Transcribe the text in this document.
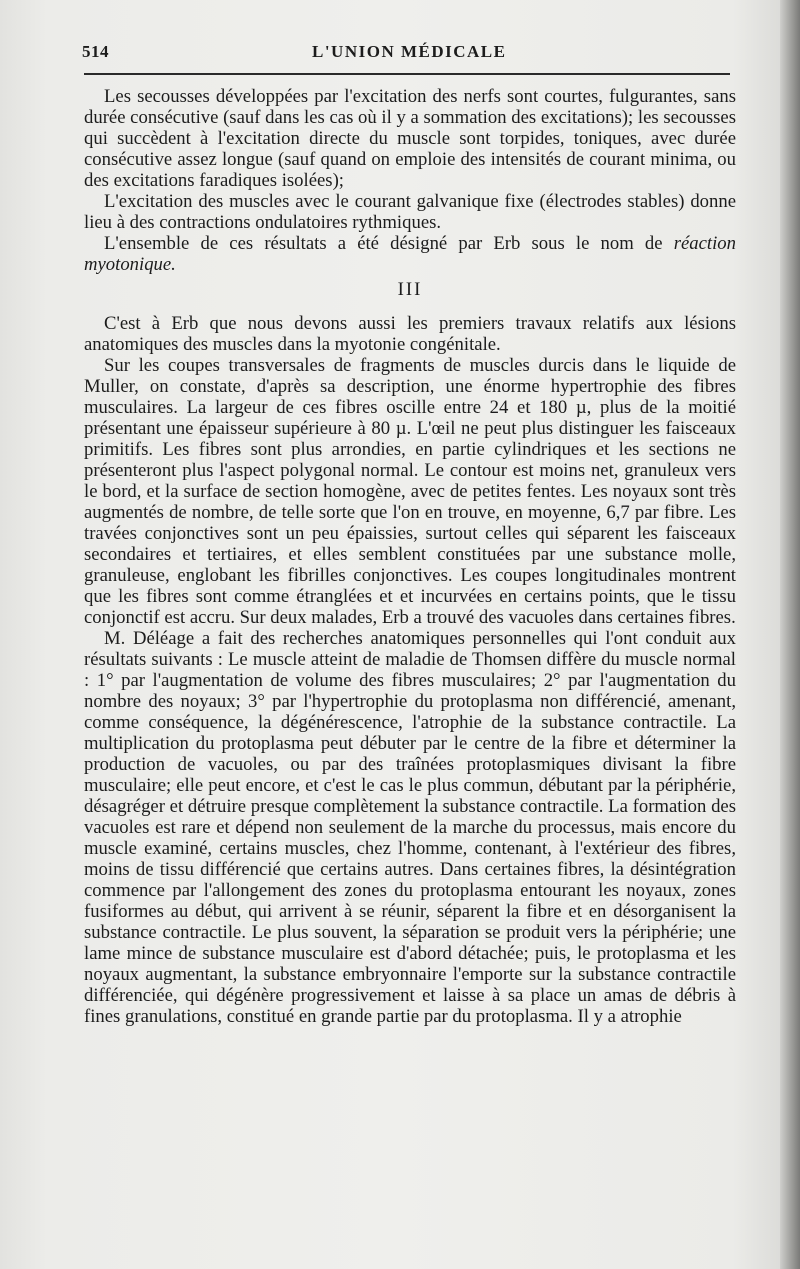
514	L'UNION MÉDICALE

Les secousses développées par l'excitation des nerfs sont courtes, fulgurantes, sans durée consécutive (sauf dans les cas où il y a sommation des excitations); les secousses qui succèdent à l'excitation directe du muscle sont torpides, toniques, avec durée consécutive assez longue (sauf quand on emploie des intensités de courant minima, ou des excitations faradiques isolées);

L'excitation des muscles avec le courant galvanique fixe (électrodes stables) donne lieu à des contractions ondulatoires rythmiques.

L'ensemble de ces résultats a été désigné par Erb sous le nom de réaction myotonique.

III

C'est à Erb que nous devons aussi les premiers travaux relatifs aux lésions anatomiques des muscles dans la myotonie congénitale.

Sur les coupes transversales de fragments de muscles durcis dans le liquide de Muller, on constate, d'après sa description, une énorme hypertrophie des fibres musculaires. La largeur de ces fibres oscille entre 24 et 180 µ, plus de la moitié présentant une épaisseur supérieure à 80 µ. L'œil ne peut plus distinguer les faisceaux primitifs. Les fibres sont plus arrondies, en partie cylindriques et les sections ne présenteront plus l'aspect polygonal normal. Le contour est moins net, granuleux vers le bord, et la surface de section homogène, avec de petites fentes. Les noyaux sont très augmentés de nombre, de telle sorte que l'on en trouve, en moyenne, 6,7 par fibre. Les travées conjonctives sont un peu épaissies, surtout celles qui séparent les faisceaux secondaires et tertiaires, et elles semblent constituées par une substance molle, granuleuse, englobant les fibrilles conjonctives. Les coupes longitudinales montrent que les fibres sont comme étranglées et et incurvées en certains points, que le tissu conjonctif est accru. Sur deux malades, Erb a trouvé des vacuoles dans certaines fibres.

M. Déléage a fait des recherches anatomiques personnelles qui l'ont conduit aux résultats suivants : Le muscle atteint de maladie de Thomsen diffère du muscle normal : 1° par l'augmentation de volume des fibres musculaires; 2° par l'augmentation du nombre des noyaux; 3° par l'hypertrophie du protoplasma non différencié, amenant, comme conséquence, la dégénérescence, l'atrophie de la substance contractile. La multiplication du protoplasma peut débuter par le centre de la fibre et déterminer la production de vacuoles, ou par des traînées protoplasmiques divisant la fibre musculaire; elle peut encore, et c'est le cas le plus commun, débutant par la périphérie, désagréger et détruire presque complètement la substance contractile. La formation des vacuoles est rare et dépend non seulement de la marche du processus, mais encore du muscle examiné, certains muscles, chez l'homme, contenant, à l'extérieur des fibres, moins de tissu différencié que certains autres. Dans certaines fibres, la désintégration commence par l'allongement des zones du protoplasma entourant les noyaux, zones fusiformes au début, qui arrivent à se réunir, séparent la fibre et en désorganisent la substance contractile. Le plus souvent, la séparation se produit vers la périphérie; une lame mince de substance musculaire est d'abord détachée; puis, le protoplasma et les noyaux augmentant, la substance embryonnaire l'emporte sur la substance contractile différenciée, qui dégénère progressivement et laisse à sa place un amas de débris à fines granulations, constitué en grande partie par du protoplasma. Il y a atrophie
